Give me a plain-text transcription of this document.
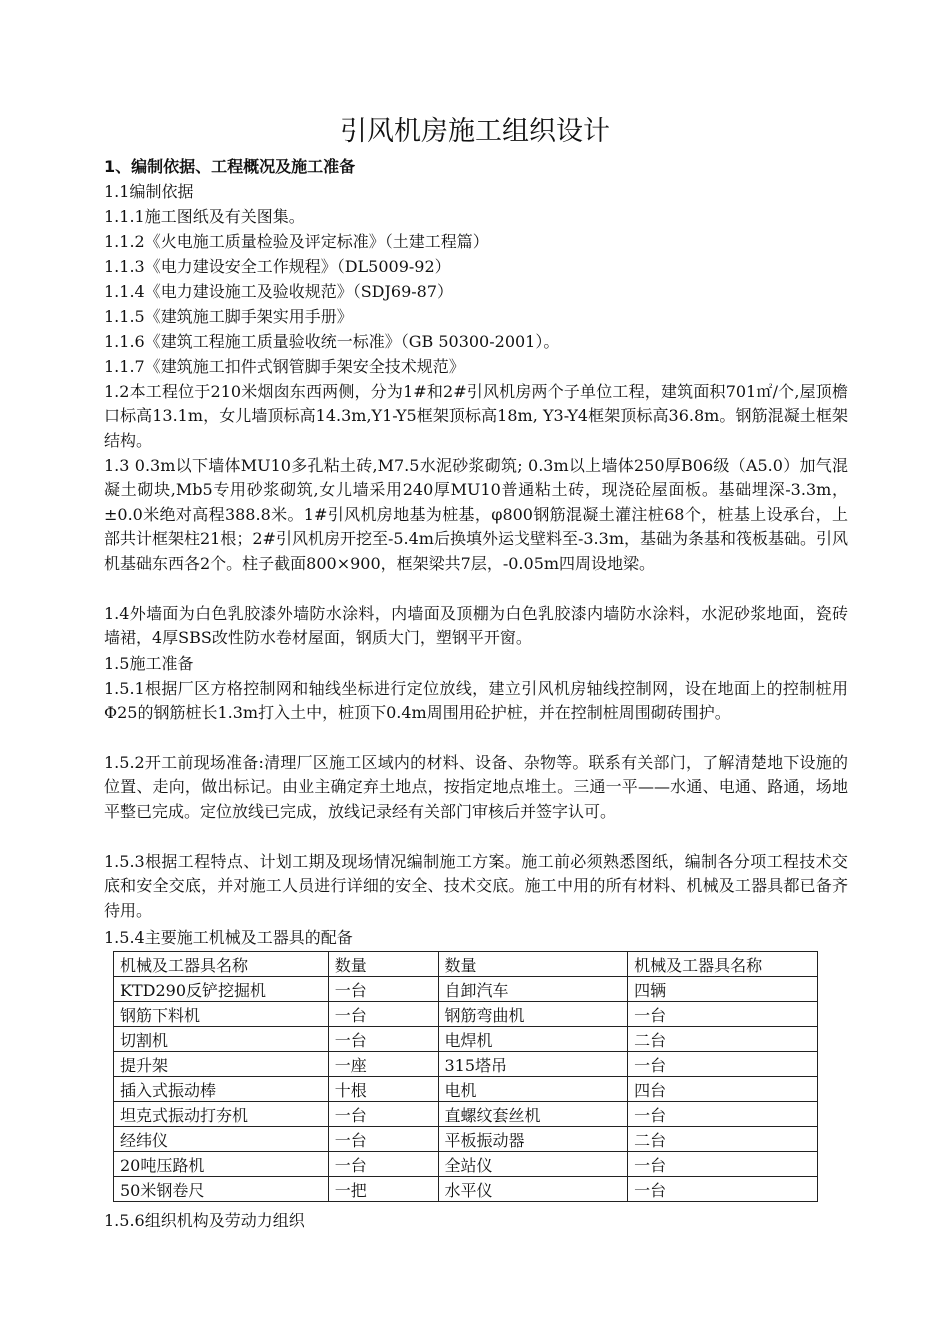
引风机房施工组织设计
1、编制依据、工程概况及施工准备
1.1编制依据
1.1.1施工图纸及有关图集。
1.1.2《火电施工质量检验及评定标准》（土建工程篇）
1.1.3《电力建设安全工作规程》（DL5009-92）
1.1.4《电力建设施工及验收规范》（SDJ69-87）
1.1.5《建筑施工脚手架实用手册》
1.1.6《建筑工程施工质量验收统一标准》（GB 50300-2001）。
1.1.7《建筑施工扣件式钢管脚手架安全技术规范》

1.2本工程位于210米烟囱东西两侧，分为1#和2#引风机房两个子单位工程，建筑面积701㎡/个,屋顶檐口标高13.1m，女儿墙顶标高14.3m,Y1-Y5框架顶标高18m, Y3-Y4框架顶标高36.8m。钢筋混凝土框架结构。

1.3 0.3m以下墙体MU10多孔粘土砖,M7.5水泥砂浆砌筑; 0.3m以上墙体250厚B06级（A5.0）加气混凝土砌块,Mb5专用砂浆砌筑,女儿墙采用240厚MU10普通粘土砖，现浇砼屋面板。基础埋深-3.3m，±0.0米绝对高程388.8米。1#引风机房地基为桩基，φ800钢筋混凝土灌注桩68个，桩基上设承台，上部共计框架柱21根；2#引风机房开挖至-5.4m后换填外运戈壁料至-3.3m，基础为条基和筏板基础。引风机基础东西各2个。柱子截面800×900，框架梁共7层，-0.05m四周设地梁。

1.4外墙面为白色乳胶漆外墙防水涂料，内墙面及顶棚为白色乳胶漆内墙防水涂料，水泥砂浆地面，瓷砖墙裙，4厚SBS改性防水卷材屋面，钢质大门，塑钢平开窗。

1.5施工准备

1.5.1根据厂区方格控制网和轴线坐标进行定位放线，建立引风机房轴线控制网，设在地面上的控制桩用Φ25的钢筋桩长1.3m打入土中，桩顶下0.4m周围用砼护桩，并在控制桩周围砌砖围护。

1.5.2开工前现场准备:清理厂区施工区域内的材料、设备、杂物等。联系有关部门，了解清楚地下设施的位置、走向，做出标记。由业主确定弃土地点，按指定地点堆土。三通一平——水通、电通、路通，场地平整已完成。定位放线已完成，放线记录经有关部门审核后并签字认可。

1.5.3根据工程特点、计划工期及现场情况编制施工方案。施工前必须熟悉图纸，编制各分项工程技术交底和安全交底，并对施工人员进行详细的安全、技术交底。施工中用的所有材料、机械及工器具都已备齐待用。

1.5.4主要施工机械及工器具的配备
机械及工器具名称	数量	数量	机械及工器具名称
KTD290反铲挖掘机	一台	自卸汽车	四辆
钢筋下料机	一台	钢筋弯曲机	一台
切割机	一台	电焊机	二台
提升架	一座	315塔吊	一台
插入式振动棒	十根	电机	四台
坦克式振动打夯机	一台	直螺纹套丝机	一台
经纬仪	一台	平板振动器	二台
20吨压路机	一台	全站仪	一台
50米钢卷尺	一把	水平仪	一台
1.5.6组织机构及劳动力组织
